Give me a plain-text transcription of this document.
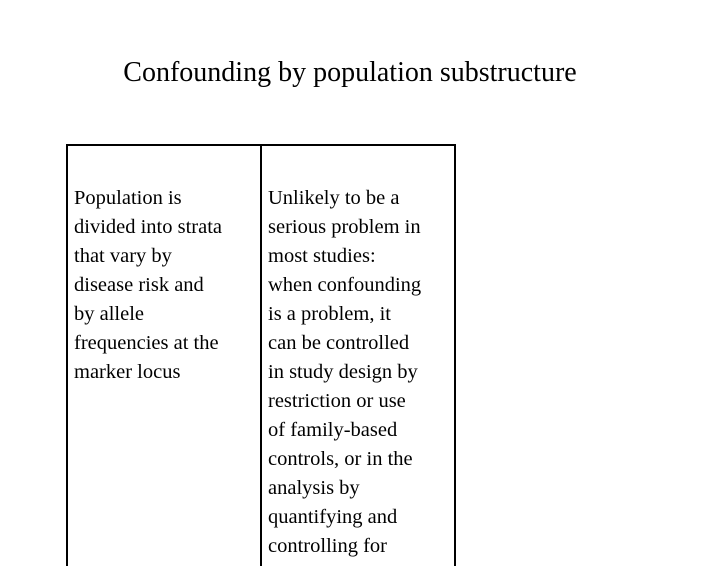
Confounding by population substructure
Population is
divided into strata
that vary by
disease risk and
by allele
frequencies at the
marker locus
Unlikely to be a
serious problem in
most studies:
when confounding
is a problem, it
can be controlled
in study design by
restriction or use
of family-based
controls, or in the
analysis by
quantifying and
controlling for
